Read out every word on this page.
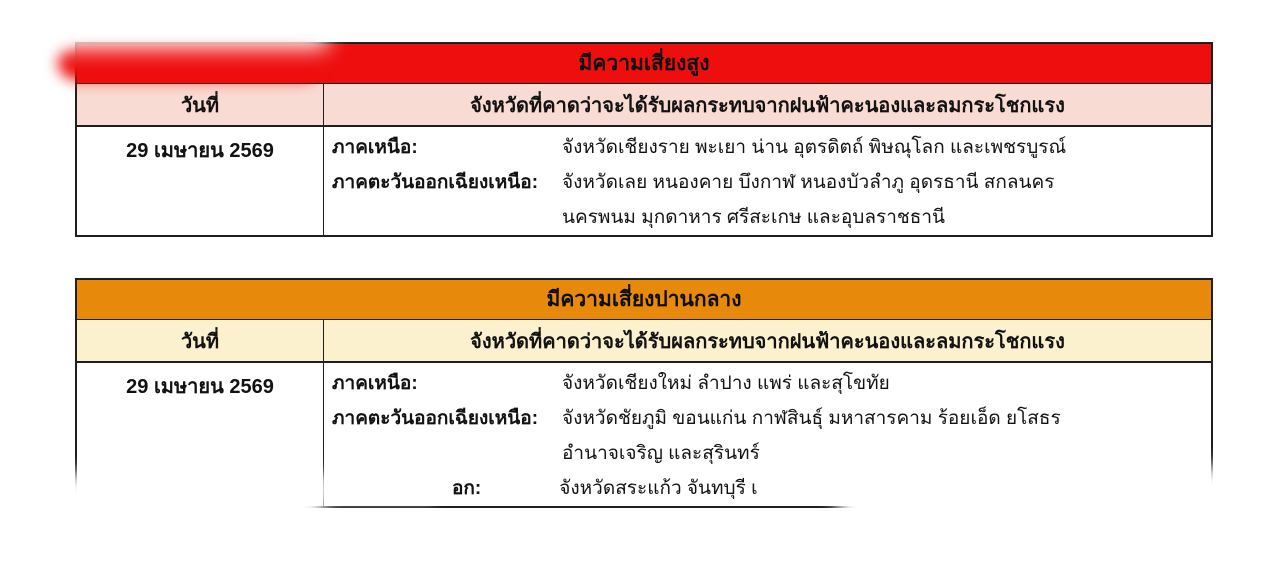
มีความเสี่ยงสูง
วันที่	จังหวัดที่คาดว่าจะได้รับผลกระทบจากฝนฟ้าคะนองและลมกระโชกแรง
29 เมษายน 2569	ภาคเหนือ:	จังหวัดเชียงราย พะเยา น่าน อุตรดิตถ์ พิษณุโลก และเพชรบูรณ์
ภาคตะวันออกเฉียงเหนือ:	จังหวัดเลย หนองคาย บึงกาฬ หนองบัวลำภู อุดรธานี สกลนคร
นครพนม มุกดาหาร ศรีสะเกษ และอุบลราชธานี
มีความเสี่ยงปานกลาง
วันที่	จังหวัดที่คาดว่าจะได้รับผลกระทบจากฝนฟ้าคะนองและลมกระโชกแรง
29 เมษายน 2569	ภาคเหนือ:	จังหวัดเชียงใหม่ ลำปาง แพร่ และสุโขทัย
ภาคตะวันออกเฉียงเหนือ:	จังหวัดชัยภูมิ ขอนแก่น กาฬสินธุ์ มหาสารคาม ร้อยเอ็ด ยโสธร
อำนาจเจริญ และสุรินทร์
อก:	จังหวัดสระแก้ว จันทบุรี เ
